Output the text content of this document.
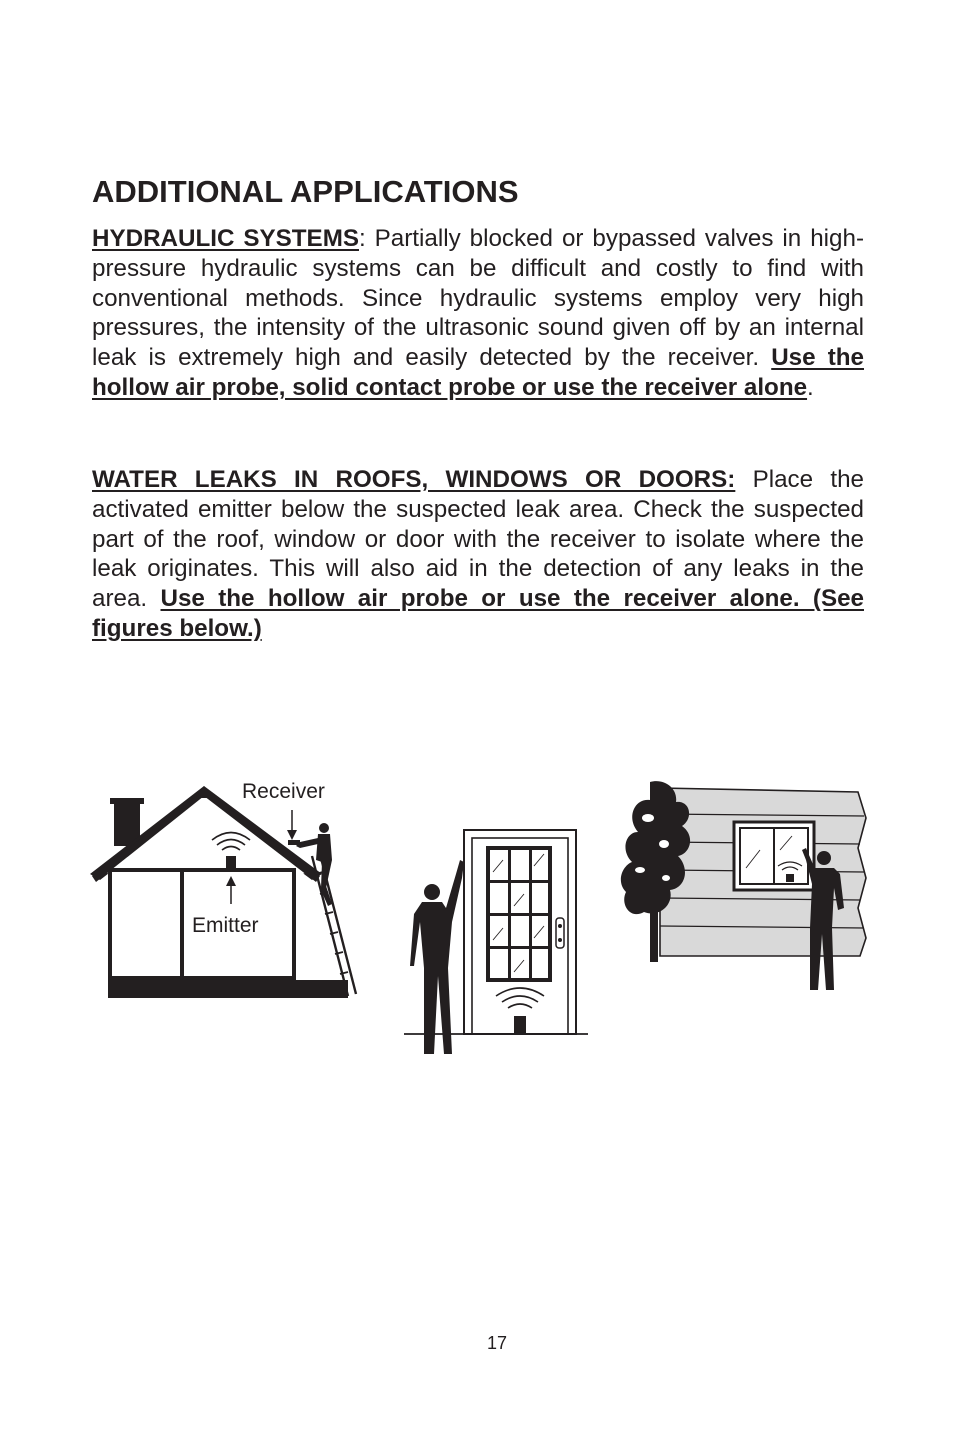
ADDITIONAL APPLICATIONS

HYDRAULIC SYSTEMS: Partially blocked or bypassed valves in high-pressure hydraulic systems can be difficult and costly to find with conventional methods. Since hydraulic systems employ very high pressures, the intensity of the ultrasonic sound given off by an internal leak is extremely high and easily detected by the receiver. Use the hollow air probe, solid contact probe or use the receiver alone.

WATER LEAKS IN ROOFS, WINDOWS OR DOORS: Place the activated emitter below the suspected leak area. Check the suspected part of the roof, window or door with the receiver to isolate where the leak originates. This will also aid in the detection of any leaks in the area. Use the hollow air probe or use the receiver alone. (See figures below.)

Receiver
Emitter
17
